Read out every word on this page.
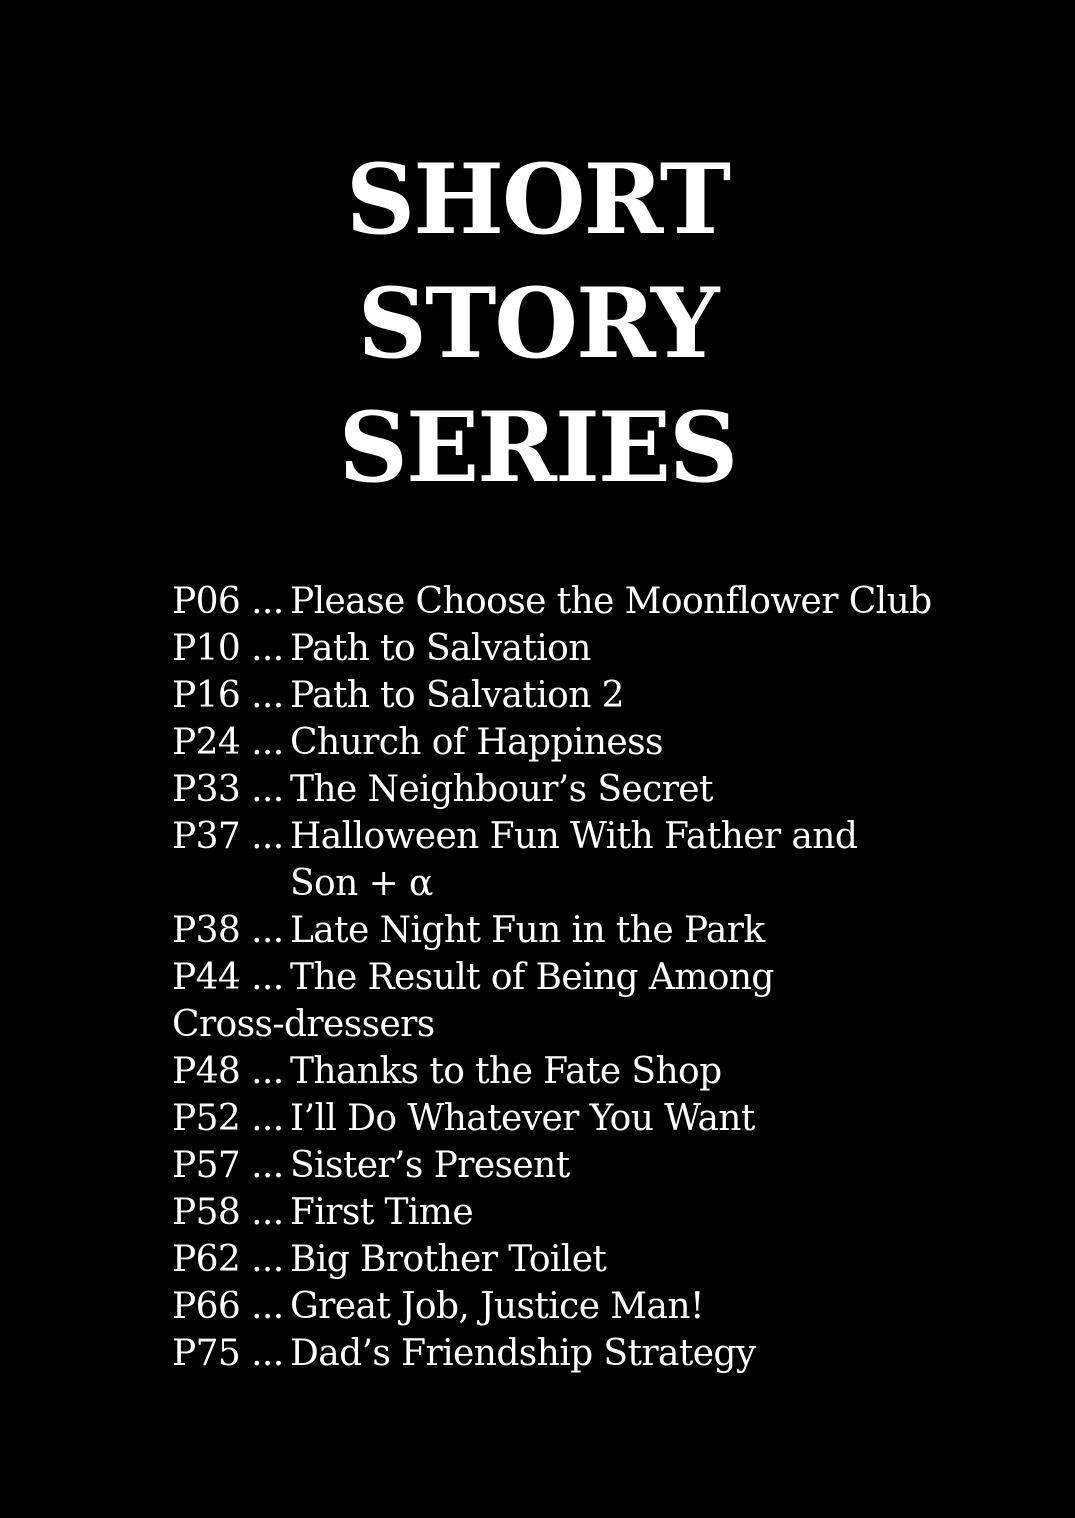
SHORT
STORY
SERIES
P06 ... Please Choose the Moonflower Club
P10 ... Path to Salvation
P16 ... Path to Salvation 2
P24 ... Church of Happiness
P33 ... The Neighbour’s Secret
P37 ... Halloween Fun With Father and
Son + α
P38 ... Late Night Fun in the Park
P44 ... The Result of Being Among
Cross-dressers
P48 ... Thanks to the Fate Shop
P52 ... I’ll Do Whatever You Want
P57 ... Sister’s Present
P58 ... First Time
P62 ... Big Brother Toilet
P66 ... Great Job, Justice Man!
P75 ... Dad’s Friendship Strategy
